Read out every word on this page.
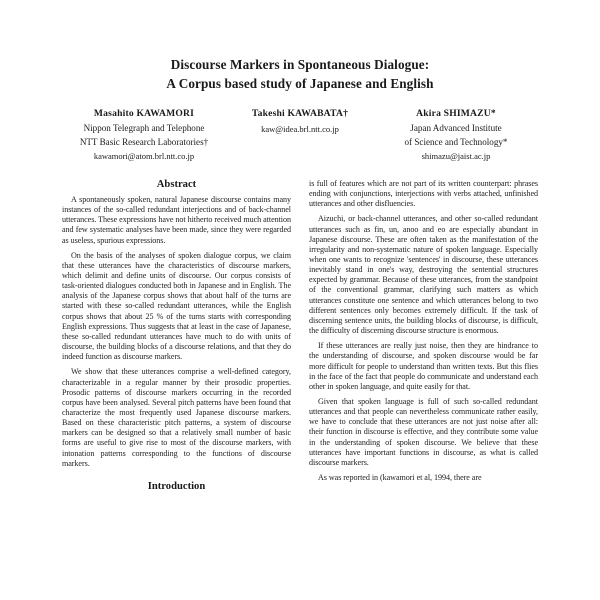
Discourse Markers in Spontaneous Dialogue:
A Corpus based study of Japanese and English
Masahito KAWAMORI
Nippon Telegraph and Telephone
NTT Basic Research Laboratories†
kawamori@atom.brl.ntt.co.jp
Takeshi KAWABATA†
kaw@idea.brl.ntt.co.jp
Akira SHIMAZU*
Japan Advanced Institute
of Science and Technology*
shimazu@jaist.ac.jp
Abstract

A spontaneously spoken, natural Japanese discourse contains many instances of the so-called redundant interjections and of back-channel utterances. These expressions have not hitherto received much attention and few systematic analyses have been made, since they were regarded as useless, spurious expressions.

On the basis of the analyses of spoken dialogue corpus, we claim that these utterances have the characteristics of discourse markers, which delimit and define units of discourse. Our corpus consists of task-oriented dialogues conducted both in Japanese and in English. The analysis of the Japanese corpus shows that about half of the turns are started with these so-called redundant utterances, while the English corpus shows that about 25 % of the turns starts with corresponding English expressions. Thus suggests that at least in the case of Japanese, these so-called redundant utterances have much to do with units of discourse, the building blocks of a discourse relations, and that they do indeed function as discourse markers.

We show that these utterances comprise a well-defined category, characterizable in a regular manner by their prosodic properties. Prosodic patterns of discourse markers occurring in the recorded corpus have been analysed. Several pitch patterns have been found that characterize the most frequently used Japanese discourse markers. Based on these characteristic pitch patterns, a system of discourse markers can be designed so that a relatively small number of basic forms are useful to give rise to most of the discourse markers, with intonation patterns corresponding to the functions of discourse markers.

Introduction

is full of features which are not part of its written counterpart: phrases ending with conjunctions, interjections with verbs attached, unfinished utterances and other disfluencies.

Aizuchi, or back-channel utterances, and other so-called redundant utterances such as fin, un, anoo and eo are especially abundant in Japanese discourse. These are often taken as the manifestation of the irregularity and non-systematic nature of spoken language. Especially when one wants to recognize 'sentences' in discourse, these utterances inevitably stand in one's way, destroying the sentential structures expected by grammar. Because of these utterances, from the standpoint of the conventional grammar, clarifying such matters as which utterances constitute one sentence and which utterances belong to two different sentences only becomes extremely difficult. If the task of discerning sentence units, the building blocks of discourse, is difficult, the difficulty of discerning discourse structure is enormous.

If these utterances are really just noise, then they are hindrance to the understanding of discourse, and spoken discourse would be far more difficult for people to understand than written texts. But this flies in the face of the fact that people do communicate and understand each other in spoken language, and quite easily for that.

Given that spoken language is full of such so-called redundant utterances and that people can nevertheless communicate rather easily, we have to conclude that these utterances are not just noise after all: their function in discourse is effective, and they contribute some value in the understanding of spoken discourse. We believe that these utterances have important functions in discourse, as what is called discourse markers.

As was reported in (kawamori et al, 1994, there are
